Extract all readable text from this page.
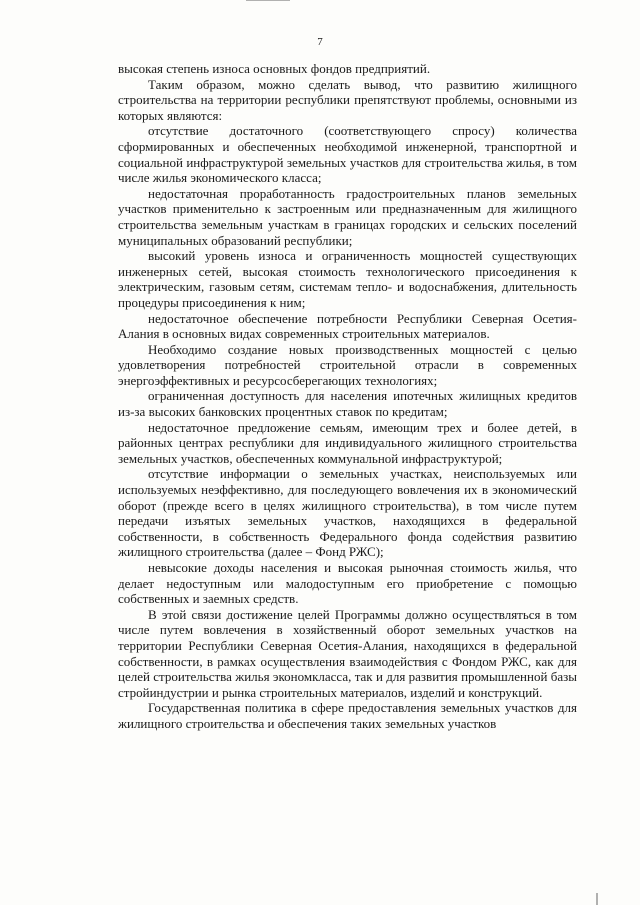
7

высокая степень износа основных фондов предприятий.

Таким образом, можно сделать вывод, что развитию жилищного строительства на территории республики препятствуют проблемы, основными из которых являются:

отсутствие достаточного (соответствующего спросу) количества сформированных и обеспеченных необходимой инженерной, транспортной и социальной инфраструктурой земельных участков для строительства жилья, в том числе жилья экономического класса;

недостаточная проработанность градостроительных планов земельных участков применительно к застроенным или предназначенным для жилищного строительства земельным участкам в границах городских и сельских поселений муниципальных образований республики;

высокий уровень износа и ограниченность мощностей существующих инженерных сетей, высокая стоимость технологического присоединения к электрическим, газовым сетям, системам тепло- и водоснабжения, длительность процедуры присоединения к ним;

недостаточное обеспечение потребности Республики Северная Осетия-Алания в основных видах современных строительных материалов.

Необходимо создание новых производственных мощностей с целью удовлетворения потребностей строительной отрасли в современных энергоэффективных и ресурсосберегающих технологиях;

ограниченная доступность для населения ипотечных жилищных кредитов из-за высоких банковских процентных ставок по кредитам;

недостаточное предложение семьям, имеющим трех и более детей, в районных центрах республики для индивидуального жилищного строительства земельных участков, обеспеченных коммунальной инфраструктурой;

отсутствие информации о земельных участках, неиспользуемых или используемых неэффективно, для последующего вовлечения их в экономический оборот (прежде всего в целях жилищного строительства), в том числе путем передачи изъятых земельных участков, находящихся в федеральной собственности, в собственность Федерального фонда содействия развитию жилищного строительства (далее – Фонд РЖС);

невысокие доходы населения и высокая рыночная стоимость жилья, что делает недоступным или малодоступным его приобретение с помощью собственных и заемных средств.

В этой связи достижение целей Программы должно осуществляться в том числе путем вовлечения в хозяйственный оборот земельных участков на территории Республики Северная Осетия-Алания, находящихся в федеральной собственности, в рамках осуществления взаимодействия с Фондом РЖС, как для целей строительства жилья экономкласса, так и для развития промышленной базы стройиндустрии и рынка строительных материалов, изделий и конструкций.

Государственная политика в сфере предоставления земельных участков для жилищного строительства и обеспечения таких земельных участков
